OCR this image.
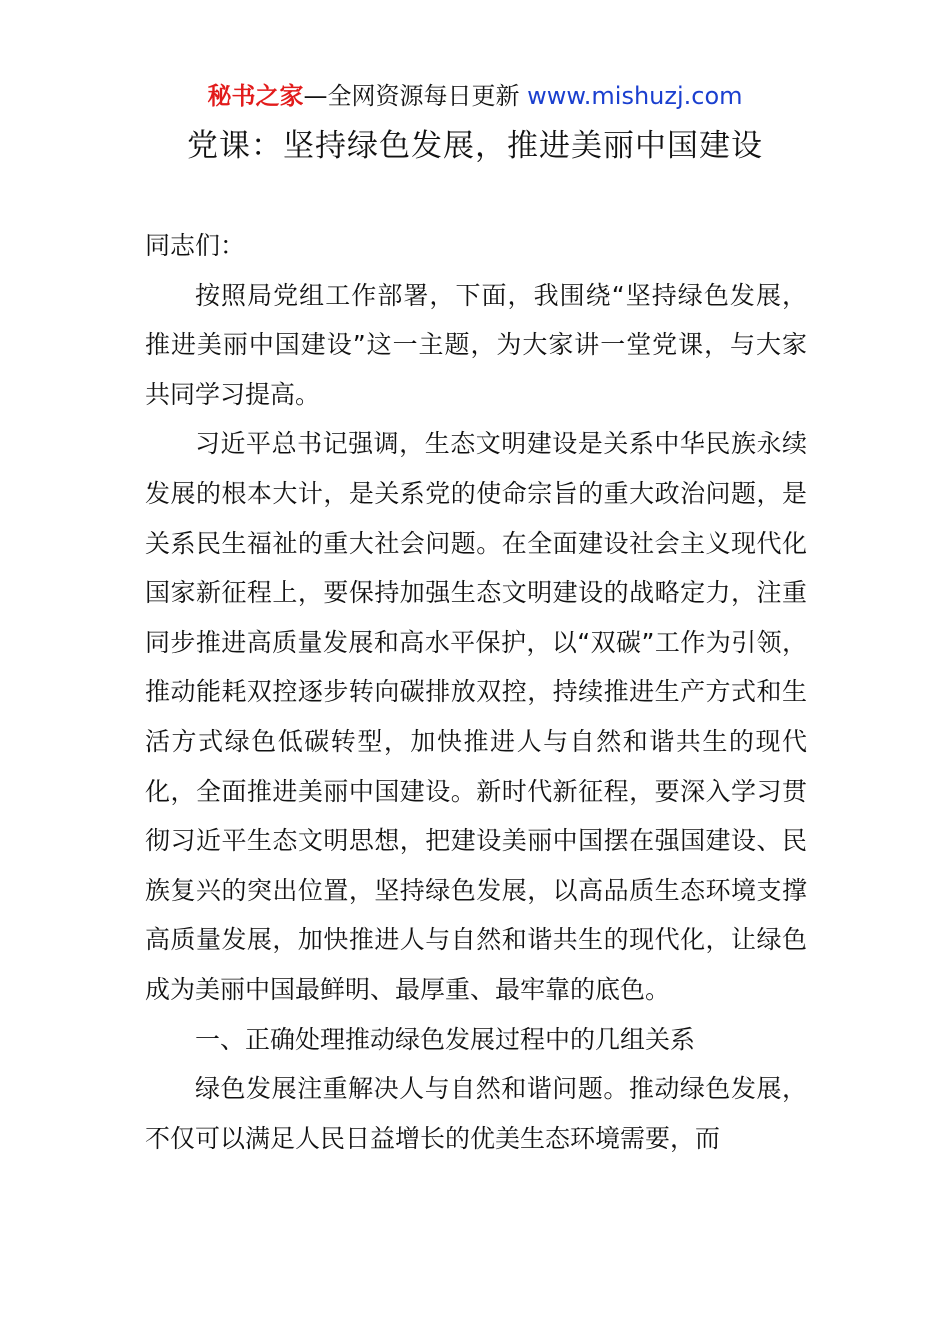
秘书之家—全网资源每日更新 www.mishuzj.com
党课：坚持绿色发展，推进美丽中国建设

同志们：

按照局党组工作部署，下面，我围绕“坚持绿色发展，推进美丽中国建设”这一主题，为大家讲一堂党课，与大家共同学习提高。

习近平总书记强调，生态文明建设是关系中华民族永续发展的根本大计，是关系党的使命宗旨的重大政治问题，是关系民生福祉的重大社会问题。在全面建设社会主义现代化国家新征程上，要保持加强生态文明建设的战略定力，注重同步推进高质量发展和高水平保护，以“双碳”工作为引领，推动能耗双控逐步转向碳排放双控，持续推进生产方式和生活方式绿色低碳转型，加快推进人与自然和谐共生的现代化，全面推进美丽中国建设。新时代新征程，要深入学习贯彻习近平生态文明思想，把建设美丽中国摆在强国建设、民族复兴的突出位置，坚持绿色发展，以高品质生态环境支撑高质量发展，加快推进人与自然和谐共生的现代化，让绿色成为美丽中国最鲜明、最厚重、最牢靠的底色。

一、正确处理推动绿色发展过程中的几组关系

绿色发展注重解决人与自然和谐问题。推动绿色发展，不仅可以满足人民日益增长的优美生态环境需要，而
